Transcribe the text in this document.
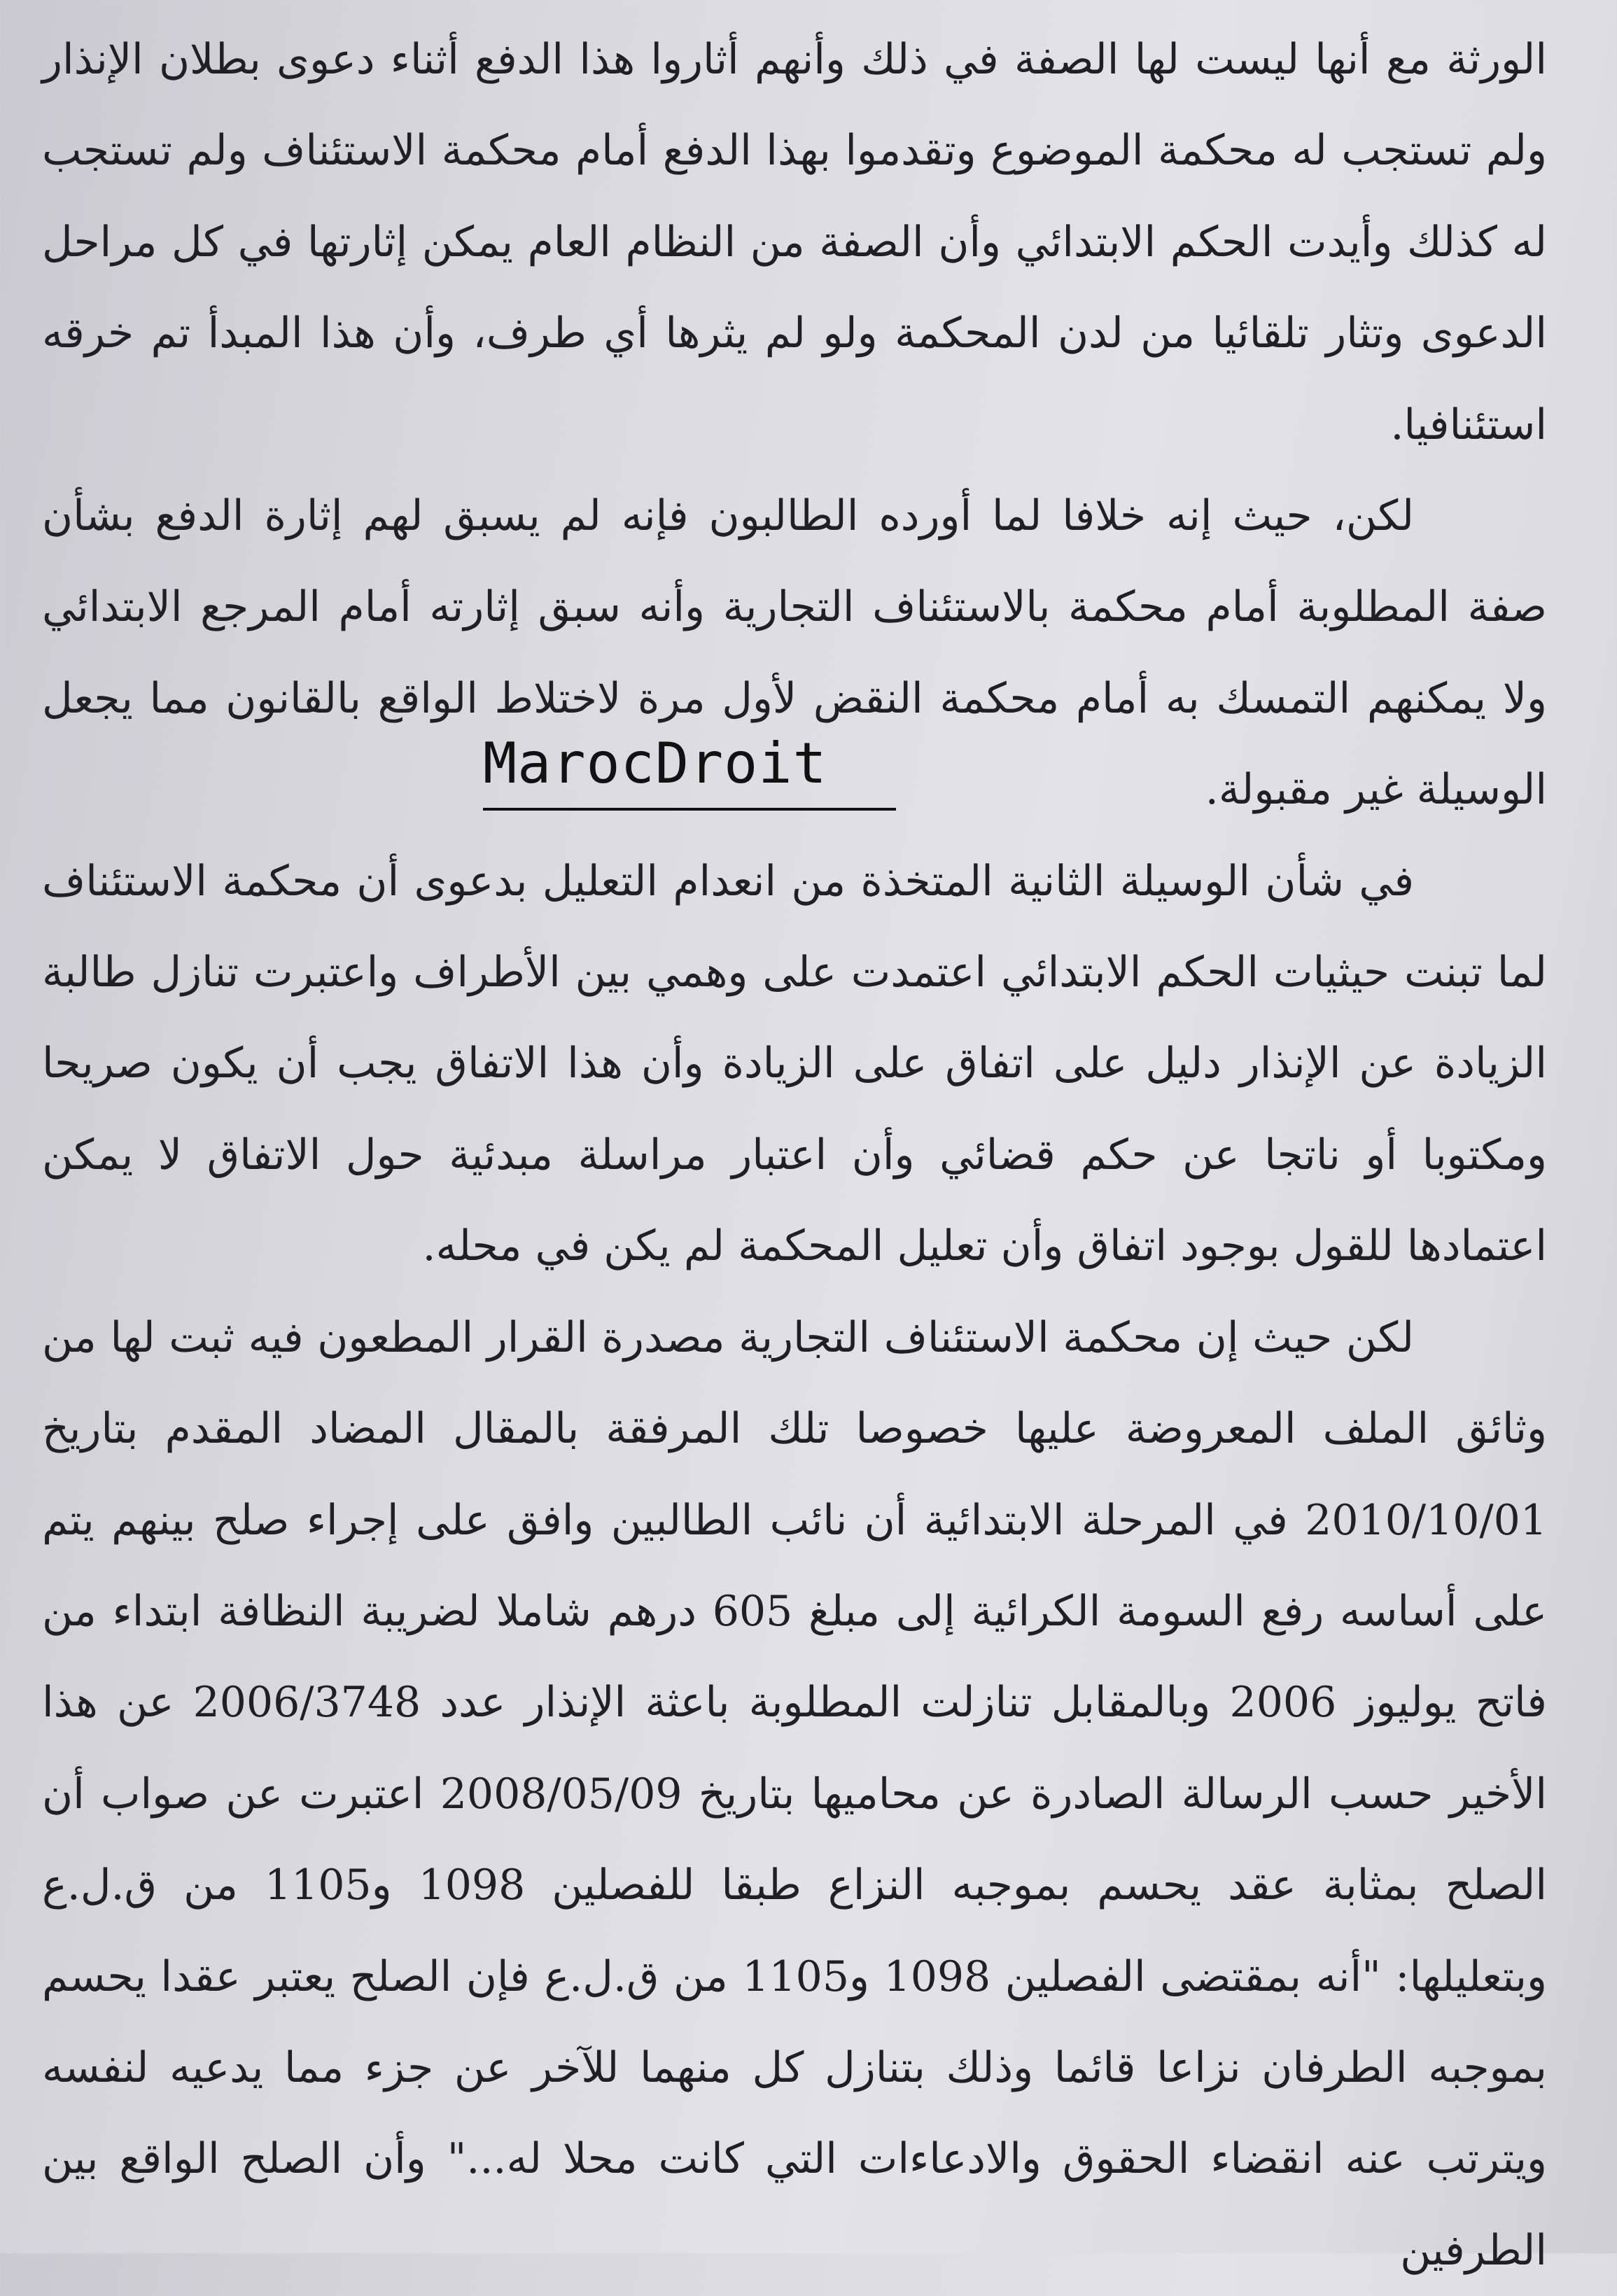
الورثة مع أنها ليست لها الصفة في ذلك وأنهم أثاروا هذا الدفع أثناء دعوى بطلان الإنذار ولم تستجب له محكمة الموضوع وتقدموا بهذا الدفع أمام محكمة الاستئناف ولم تستجب له كذلك وأيدت الحكم الابتدائي وأن الصفة من النظام العام يمكن إثارتها في كل مراحل الدعوى وتثار تلقائيا من لدن المحكمة ولو لم يثرها أي طرف، وأن هذا المبدأ تم خرقه استئنافيا.

لكن، حيث إنه خلافا لما أورده الطالبون فإنه لم يسبق لهم إثارة الدفع بشأن صفة المطلوبة أمام محكمة بالاستئناف التجارية وأنه سبق إثارته أمام المرجع الابتدائي ولا يمكنهم التمسك به أمام محكمة النقض لأول مرة لاختلاط الواقع بالقانون مما يجعل الوسيلة غير مقبولة.

في شأن الوسيلة الثانية المتخذة من انعدام التعليل بدعوى أن محكمة الاستئناف لما تبنت حيثيات الحكم الابتدائي اعتمدت على وهمي بين الأطراف واعتبرت تنازل طالبة الزيادة عن الإنذار دليل على اتفاق على الزيادة وأن هذا الاتفاق يجب أن يكون صريحا ومكتوبا أو ناتجا عن حكم قضائي وأن اعتبار مراسلة مبدئية حول الاتفاق لا يمكن اعتمادها للقول بوجود اتفاق وأن تعليل المحكمة لم يكن في محله.

لكن حيث إن محكمة الاستئناف التجارية مصدرة القرار المطعون فيه ثبت لها من وثائق الملف المعروضة عليها خصوصا تلك المرفقة بالمقال المضاد المقدم بتاريخ 2010/10/01 في المرحلة الابتدائية أن نائب الطالبين وافق على إجراء صلح بينهم يتم على أساسه رفع السومة الكرائية إلى مبلغ 605 درهم شاملا لضريبة النظافة ابتداء من فاتح يوليوز 2006 وبالمقابل تنازلت المطلوبة باعثة الإنذار عدد 2006/3748 عن هذا الأخير حسب الرسالة الصادرة عن محاميها بتاريخ 2008/05/09 اعتبرت عن صواب أن الصلح بمثابة عقد يحسم بموجبه النزاع طبقا للفصلين 1098 و1105 من ق.ل.ع وبتعليلها: "أنه بمقتضى الفصلين 1098 و1105 من ق.ل.ع فإن الصلح يعتبر عقدا يحسم بموجبه الطرفان نزاعا قائما وذلك بتنازل كل منهما للآخر عن جزء مما يدعيه لنفسه ويترتب عنه انقضاء الحقوق والادعاءات التي كانت محلا له..." وأن الصلح الواقع بين الطرفين

MarocDroit
